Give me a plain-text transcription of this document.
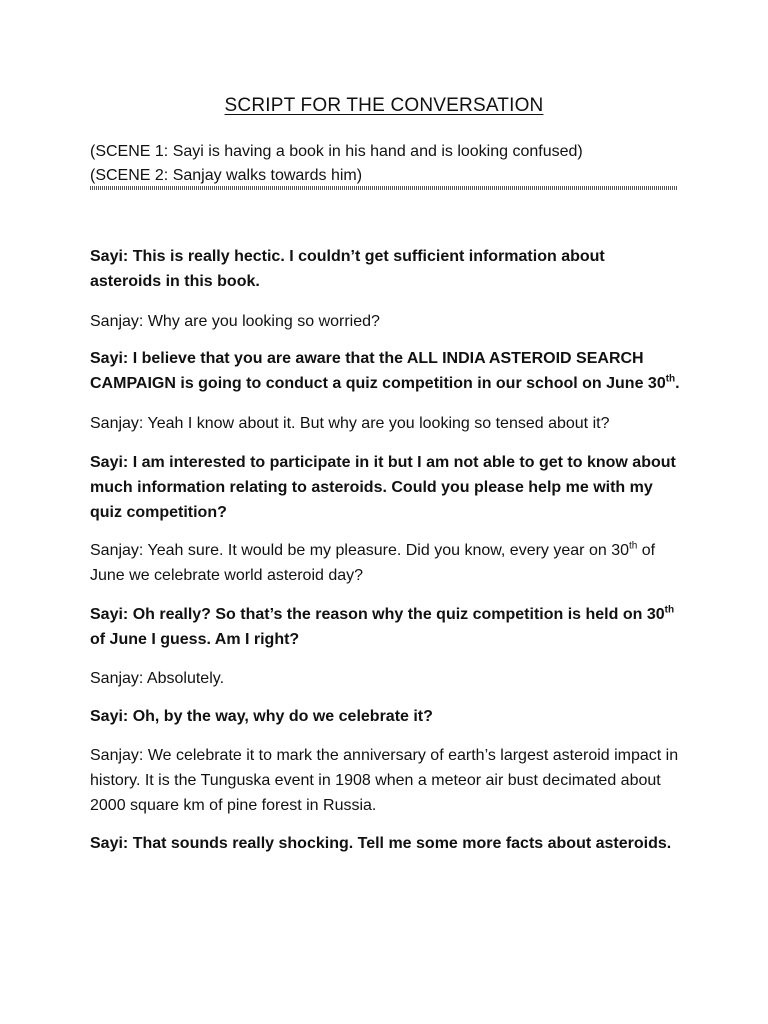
SCRIPT FOR THE CONVERSATION
(SCENE 1: Sayi is having a book in his hand and is looking confused)
(SCENE 2: Sanjay walks towards him)

Sayi: This is really hectic. I couldn’t get sufficient information about asteroids in this book.

Sanjay: Why are you looking so worried?

Sayi: I believe that you are aware that the ALL INDIA ASTEROID SEARCH CAMPAIGN is going to conduct a quiz competition in our school on June 30th.

Sanjay: Yeah I know about it. But why are you looking so tensed about it?

Sayi: I am interested to participate in it but I am not able to get to know about much information relating to asteroids. Could you please help me with my quiz competition?

Sanjay: Yeah sure. It would be my pleasure. Did you know, every year on 30th of June we celebrate world asteroid day?

Sayi: Oh really? So that’s the reason why the quiz competition is held on 30th of June I guess. Am I right?

Sanjay: Absolutely.

Sayi: Oh, by the way, why do we celebrate it?

Sanjay: We celebrate it to mark the anniversary of earth’s largest asteroid impact in history. It is the Tunguska event in 1908 when a meteor air bust decimated about 2000 square km of pine forest in Russia.

Sayi: That sounds really shocking. Tell me some more facts about asteroids.
